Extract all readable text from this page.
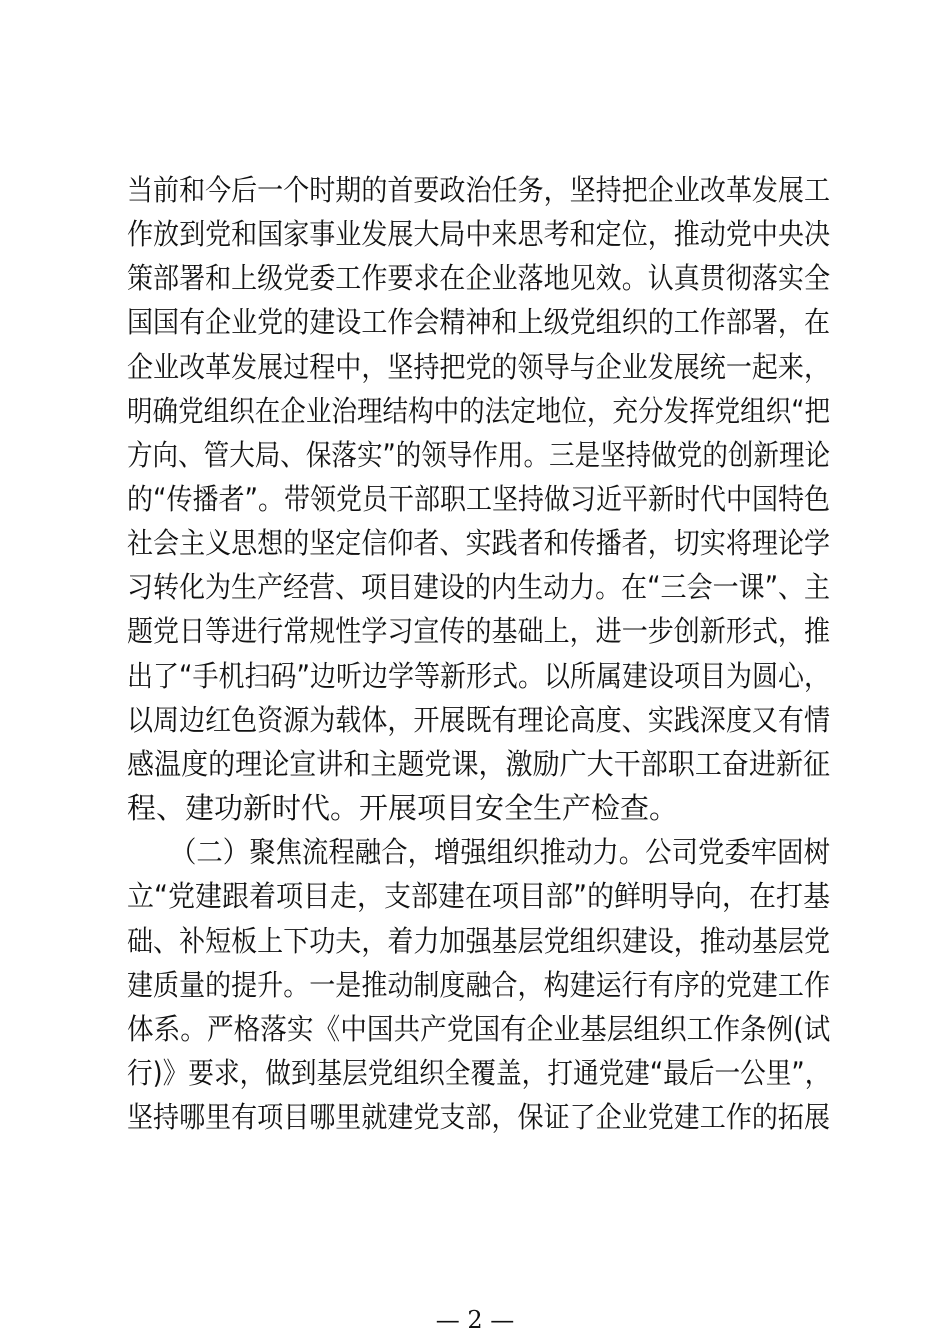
当前和今后一个时期的首要政治任务，坚持把企业改革发展工
作放到党和国家事业发展大局中来思考和定位，推动党中央决
策部署和上级党委工作要求在企业落地见效。认真贯彻落实全
国国有企业党的建设工作会精神和上级党组织的工作部署，在
企业改革发展过程中，坚持把党的领导与企业发展统一起来，
明确党组织在企业治理结构中的法定地位，充分发挥党组织“把
方向、管大局、保落实”的领导作用。三是坚持做党的创新理论
的“传播者”。带领党员干部职工坚持做习近平新时代中国特色
社会主义思想的坚定信仰者、实践者和传播者，切实将理论学
习转化为生产经营、项目建设的内生动力。在“三会一课”、主
题党日等进行常规性学习宣传的基础上，进一步创新形式，推
出了“手机扫码”边听边学等新形式。以所属建设项目为圆心，
以周边红色资源为载体，开展既有理论高度、实践深度又有情
感温度的理论宣讲和主题党课，激励广大干部职工奋进新征
程、建功新时代。开展项目安全生产检查。
（二）聚焦流程融合，增强组织推动力。公司党委牢固树
立“党建跟着项目走，支部建在项目部”的鲜明导向，在打基
础、补短板上下功夫，着力加强基层党组织建设，推动基层党
建质量的提升。一是推动制度融合，构建运行有序的党建工作
体系。严格落实《中国共产党国有企业基层组织工作条例(试
行)》要求，做到基层党组织全覆盖，打通党建“最后一公里”，
坚持哪里有项目哪里就建党支部，保证了企业党建工作的拓展
— 2 —
